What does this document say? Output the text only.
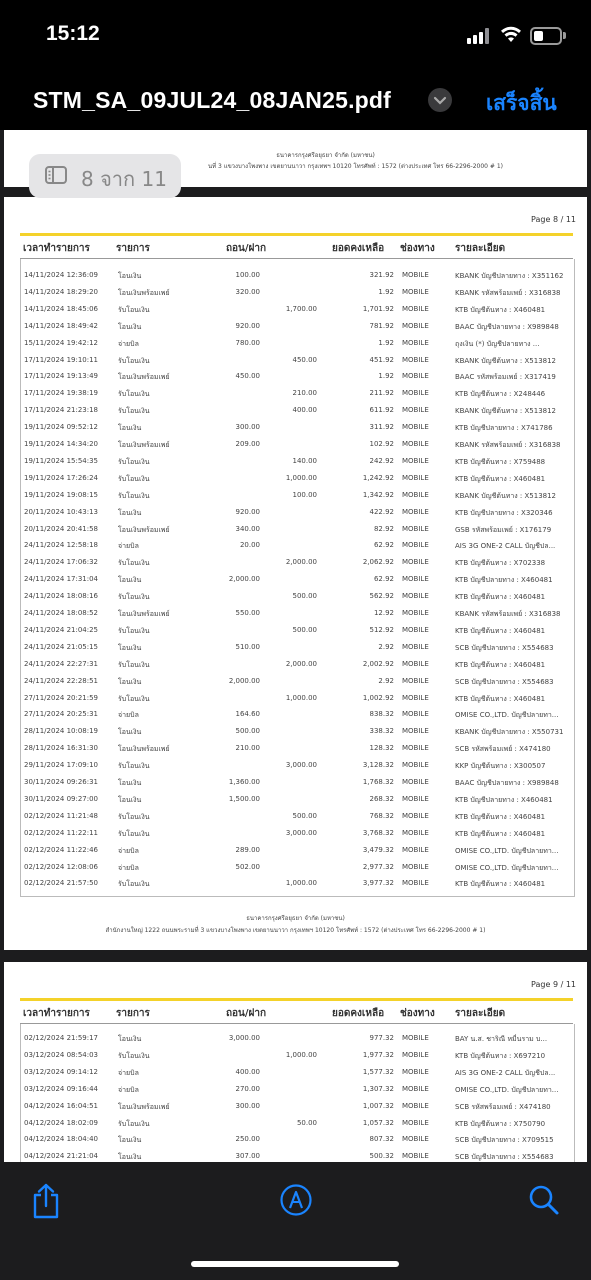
15:12
STM_SA_09JUL24_08JAN25.pdf	เสร็จสิ้น
ธนาคารกรุงศรีอยุธยา จำกัด (มหาชน)
นที่ 3 แขวงบางโพงพาง เขตยานนาวา กรุงเทพฯ 10120 โทรศัพท์ : 1572 (ต่างประเทศ โทร 66-2296-2000 # 1)
Page 8 / 11
เวลาทำรายการ	รายการ	ถอน/ฝาก	ยอดคงเหลือ ช่องทาง รายละเอียด
14/11/2024 12:36:09	โอนเงิน	100.00	321.92 MOBILE	KBANK บัญชีปลายทาง : X351162
14/11/2024 18:29:20	โอนเงินพร้อมเพย์	320.00	1.92 MOBILE	KBANK รหัสพร้อมเพย์ : X316838
14/11/2024 18:45:06	รับโอนเงิน	1,700.00	1,701.92 MOBILE	KTB บัญชีต้นทาง : X460481
14/11/2024 18:49:42	โอนเงิน	920.00	781.92 MOBILE	BAAC บัญชีปลายทาง : X989848
15/11/2024 19:42:12	จ่ายบิล	780.00	1.92 MOBILE	ถุงเงิน (*) บัญชีปลายทาง ...
17/11/2024 19:10:11	รับโอนเงิน	450.00	451.92 MOBILE	KBANK บัญชีต้นทาง : X513812
17/11/2024 19:13:49	โอนเงินพร้อมเพย์	450.00	1.92 MOBILE	BAAC รหัสพร้อมเพย์ : X317419
17/11/2024 19:38:19	รับโอนเงิน	210.00	211.92 MOBILE	KTB บัญชีต้นทาง : X248446
17/11/2024 21:23:18	รับโอนเงิน	400.00	611.92 MOBILE	KBANK บัญชีต้นทาง : X513812
19/11/2024 09:52:12	โอนเงิน	300.00	311.92 MOBILE	KTB บัญชีปลายทาง : X741786
19/11/2024 14:34:20	โอนเงินพร้อมเพย์	209.00	102.92 MOBILE	KBANK รหัสพร้อมเพย์ : X316838
19/11/2024 15:54:35	รับโอนเงิน	140.00	242.92 MOBILE	KTB บัญชีต้นทาง : X759488
19/11/2024 17:26:24	รับโอนเงิน	1,000.00	1,242.92 MOBILE	KTB บัญชีต้นทาง : X460481
19/11/2024 19:08:15	รับโอนเงิน	100.00	1,342.92 MOBILE	KBANK บัญชีต้นทาง : X513812
20/11/2024 10:43:13	โอนเงิน	920.00	422.92 MOBILE	KTB บัญชีปลายทาง : X320346
20/11/2024 20:41:58	โอนเงินพร้อมเพย์	340.00	82.92 MOBILE	GSB รหัสพร้อมเพย์ : X176179
24/11/2024 12:58:18	จ่ายบิล	20.00	62.92 MOBILE	AIS 3G ONE-2 CALL บัญชีปล...
24/11/2024 17:06:32	รับโอนเงิน	2,000.00	2,062.92 MOBILE	KTB บัญชีต้นทาง : X702338
24/11/2024 17:31:04	โอนเงิน	2,000.00	62.92 MOBILE	KTB บัญชีปลายทาง : X460481
24/11/2024 18:08:16	รับโอนเงิน	500.00	562.92 MOBILE	KTB บัญชีต้นทาง : X460481
24/11/2024 18:08:52	โอนเงินพร้อมเพย์	550.00	12.92 MOBILE	KBANK รหัสพร้อมเพย์ : X316838
24/11/2024 21:04:25	รับโอนเงิน	500.00	512.92 MOBILE	KTB บัญชีต้นทาง : X460481
24/11/2024 21:05:15	โอนเงิน	510.00	2.92 MOBILE	SCB บัญชีปลายทาง : X554683
24/11/2024 22:27:31	รับโอนเงิน	2,000.00	2,002.92 MOBILE	KTB บัญชีต้นทาง : X460481
24/11/2024 22:28:51	โอนเงิน	2,000.00	2.92 MOBILE	SCB บัญชีปลายทาง : X554683
27/11/2024 20:21:59	รับโอนเงิน	1,000.00	1,002.92 MOBILE	KTB บัญชีต้นทาง : X460481
27/11/2024 20:25:31	จ่ายบิล	164.60	838.32 MOBILE	OMISE CO.,LTD. บัญชีปลายทา...
28/11/2024 10:08:19	โอนเงิน	500.00	338.32 MOBILE	KBANK บัญชีปลายทาง : X550731
28/11/2024 16:31:30	โอนเงินพร้อมเพย์	210.00	128.32 MOBILE	SCB รหัสพร้อมเพย์ : X474180
29/11/2024 17:09:10	รับโอนเงิน	3,000.00	3,128.32 MOBILE	KKP บัญชีต้นทาง : X300507
30/11/2024 09:26:31	โอนเงิน	1,360.00	1,768.32 MOBILE	BAAC บัญชีปลายทาง : X989848
30/11/2024 09:27:00	โอนเงิน	1,500.00	268.32 MOBILE	KTB บัญชีปลายทาง : X460481
02/12/2024 11:21:48	รับโอนเงิน	500.00	768.32 MOBILE	KTB บัญชีต้นทาง : X460481
02/12/2024 11:22:11	รับโอนเงิน	3,000.00	3,768.32 MOBILE	KTB บัญชีต้นทาง : X460481
02/12/2024 11:22:46	จ่ายบิล	289.00	3,479.32 MOBILE	OMISE CO.,LTD. บัญชีปลายทา...
02/12/2024 12:08:06	จ่ายบิล	502.00	2,977.32 MOBILE	OMISE CO.,LTD. บัญชีปลายทา...
02/12/2024 21:57:50	รับโอนเงิน	1,000.00	3,977.32 MOBILE	KTB บัญชีต้นทาง : X460481
ธนาคารกรุงศรีอยุธยา จำกัด (มหาชน)
สำนักงานใหญ่ 1222 ถนนพระรามที่ 3 แขวงบางโพงพาง เขตยานนาวา กรุงเทพฯ 10120 โทรศัพท์ : 1572 (ต่างประเทศ โทร 66-2296-2000 # 1)
Page 9 / 11
เวลาทำรายการ	รายการ	ถอน/ฝาก	ยอดคงเหลือ ช่องทาง รายละเอียด
02/12/2024 21:59:17	โอนเงิน	3,000.00	977.32 MOBILE	BAY น.ส. ชาริณี หมื่นราม บ...
03/12/2024 08:54:03	รับโอนเงิน	1,000.00	1,977.32 MOBILE	KTB บัญชีต้นทาง : X697210
03/12/2024 09:14:12	จ่ายบิล	400.00	1,577.32 MOBILE	AIS 3G ONE-2 CALL บัญชีปล...
03/12/2024 09:16:44	จ่ายบิล	270.00	1,307.32 MOBILE	OMISE CO.,LTD. บัญชีปลายทา...
04/12/2024 16:04:51	โอนเงินพร้อมเพย์	300.00	1,007.32 MOBILE	SCB รหัสพร้อมเพย์ : X474180
04/12/2024 18:02:09	รับโอนเงิน	50.00	1,057.32 MOBILE	KTB บัญชีต้นทาง : X750790
04/12/2024 18:04:40	โอนเงิน	250.00	807.32 MOBILE	SCB บัญชีปลายทาง : X709515
04/12/2024 21:21:04	โอนเงิน	307.00	500.32 MOBILE	SCB บัญชีปลายทาง : X554683
8 จาก 11
